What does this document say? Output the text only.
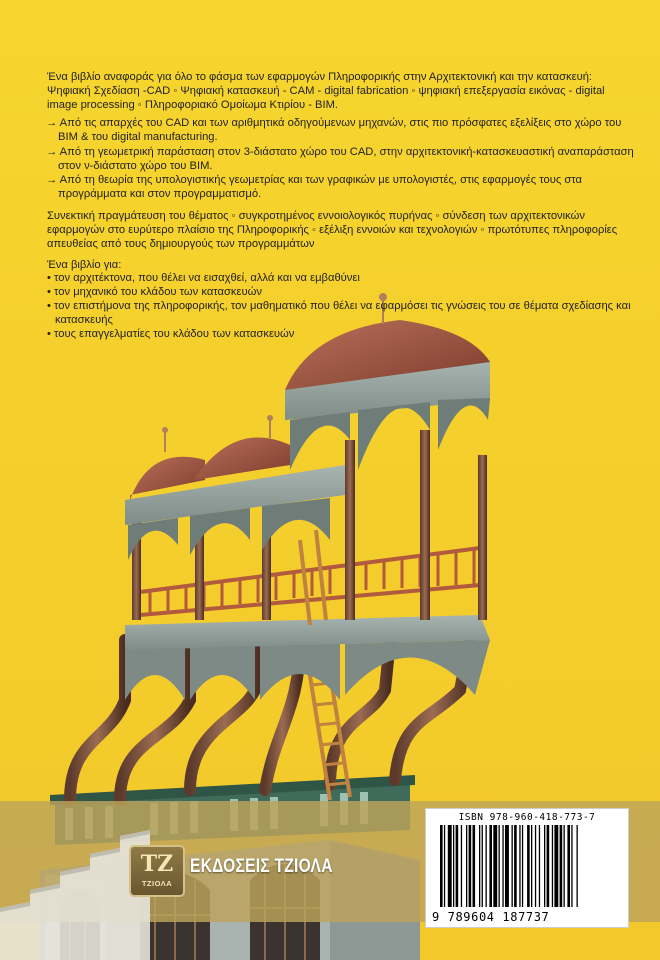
Ένα βιβλίο αναφοράς για όλο το φάσμα των εφαρμογών Πληροφορικής στην Αρχιτεκτονική και την κατασκευή: Ψηφιακή Σχεδίαση -CAD ◦ Ψηφιακή κατασκευή - CAM - digital fabrication ◦ ψηφιακή επεξεργασία εικόνας - digital image processing ◦ Πληροφοριακό Ομοίωμα Κτιρίου - BIM.
→ Από τις απαρχές του CAD και των αριθμητικά οδηγούμενων μηχανών, στις πιο πρόσφατες εξελίξεις στο χώρο του BIM & του digital manufacturing.
→ Από τη γεωμετρική παράσταση στον 3-διάστατο χώρο του CAD, στην αρχιτεκτονική-κατασκευαστική αναπαράσταση στον ν-διάστατο χώρο του BIM.
→ Από τη θεωρία της υπολογιστικής γεωμετρίας και των γραφικών με υπολογιστές, στις εφαρμογές τους στα προγράμματα και στον προγραμματισμό.
Συνεκτική πραγμάτευση του θέματος ◦ συγκροτημένος εννοιολογικός πυρήνας ◦ σύνδεση των αρχιτεκτονικών εφαρμογών στο ευρύτερο πλαίσιο της Πληροφορικής ◦ εξέλιξη εννοιών και τεχνολογιών ◦ πρωτότυπες πληροφορίες απευθείας από τους δημιουργούς των προγραμμάτων
Ένα βιβλίο για:
• τον αρχιτέκτονα, που θέλει να εισαχθεί, αλλά και να εμβαθύνει
• τον μηχανικό του κλάδου των κατασκευών
• τον επιστήμονα της πληροφορικής, τον μαθηματικό που θέλει να εφαρμόσει τις γνώσεις του σε θέματα σχεδίασης και κατασκευής
• τους επαγγελματίες του κλάδου των κατασκευών
ΤΖ
ΤΖΙΟΛΑ
ΕΚΔΟΣΕΙΣ ΤΖΙΟΛΑ
ISBN 978-960-418-773-7
9 789604 187737
